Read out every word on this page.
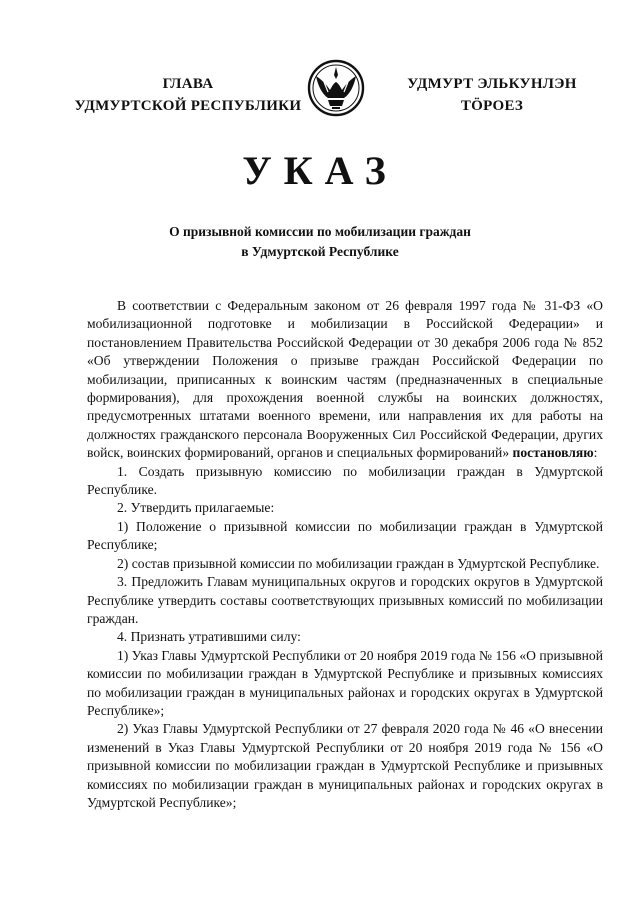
ГЛАВА
УДМУРТСКОЙ РЕСПУБЛИКИ
УДМУРТ ЭЛЬКУНЛЭН
ТӦРОЕЗ
УКАЗ
О призывной комиссии по мобилизации граждан
в Удмуртской Республике

В соответствии с Федеральным законом от 26 февраля 1997 года № 31-ФЗ «О мобилизационной подготовке и мобилизации в Российской Федерации» и постановлением Правительства Российской Федерации от 30 декабря 2006 года № 852 «Об утверждении Положения о призыве граждан Российской Федерации по мобилизации, приписанных к воинским частям (предназначенных в специальные формирования), для прохождения военной службы на воинских должностях, предусмотренных штатами военного времени, или направления их для работы на должностях гражданского персонала Вооруженных Сил Российской Федерации, других войск, воинских формирований, органов и специальных формирований» постановляю:

1. Создать призывную комиссию по мобилизации граждан в Удмуртской Республике.

2. Утвердить прилагаемые:

1) Положение о призывной комиссии по мобилизации граждан в Удмуртской Республике;

2) состав призывной комиссии по мобилизации граждан в Удмуртской Республике.

3. Предложить Главам муниципальных округов и городских округов в Удмуртской Республике утвердить составы соответствующих призывных комиссий по мобилизации граждан.

4. Признать утратившими силу:

1) Указ Главы Удмуртской Республики от 20 ноября 2019 года № 156 «О призывной комиссии по мобилизации граждан в Удмуртской Республике и призывных комиссиях по мобилизации граждан в муниципальных районах и городских округах в Удмуртской Республике»;

2) Указ Главы Удмуртской Республики от 27 февраля 2020 года № 46 «О внесении изменений в Указ Главы Удмуртской Республики от 20 ноября 2019 года № 156 «О призывной комиссии по мобилизации граждан в Удмуртской Республике и призывных комиссиях по мобилизации граждан в муниципальных районах и городских округах в Удмуртской Республике»;
